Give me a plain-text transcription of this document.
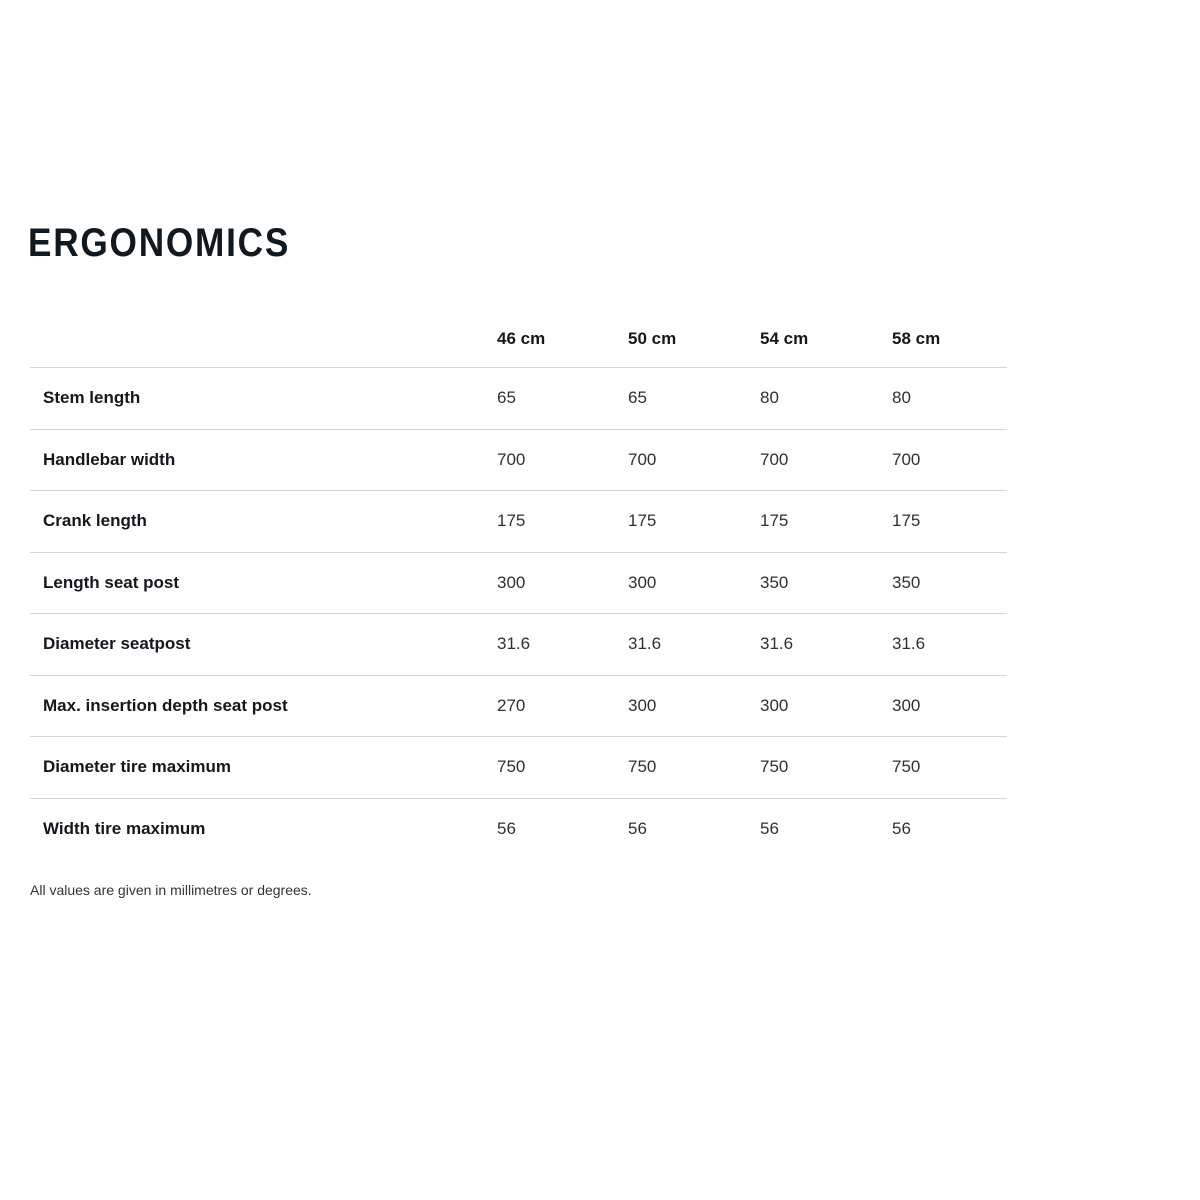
ERGONOMICS
46 cm	50 cm	54 cm	58 cm
Stem length	65	65	80	80
Handlebar width	700	700	700	700
Crank length	175	175	175	175
Length seat post	300	300	350	350
Diameter seatpost	31.6	31.6	31.6	31.6
Max. insertion depth seat post	270	300	300	300
Diameter tire maximum	750	750	750	750
Width tire maximum	56	56	56	56

All values are given in millimetres or degrees.
